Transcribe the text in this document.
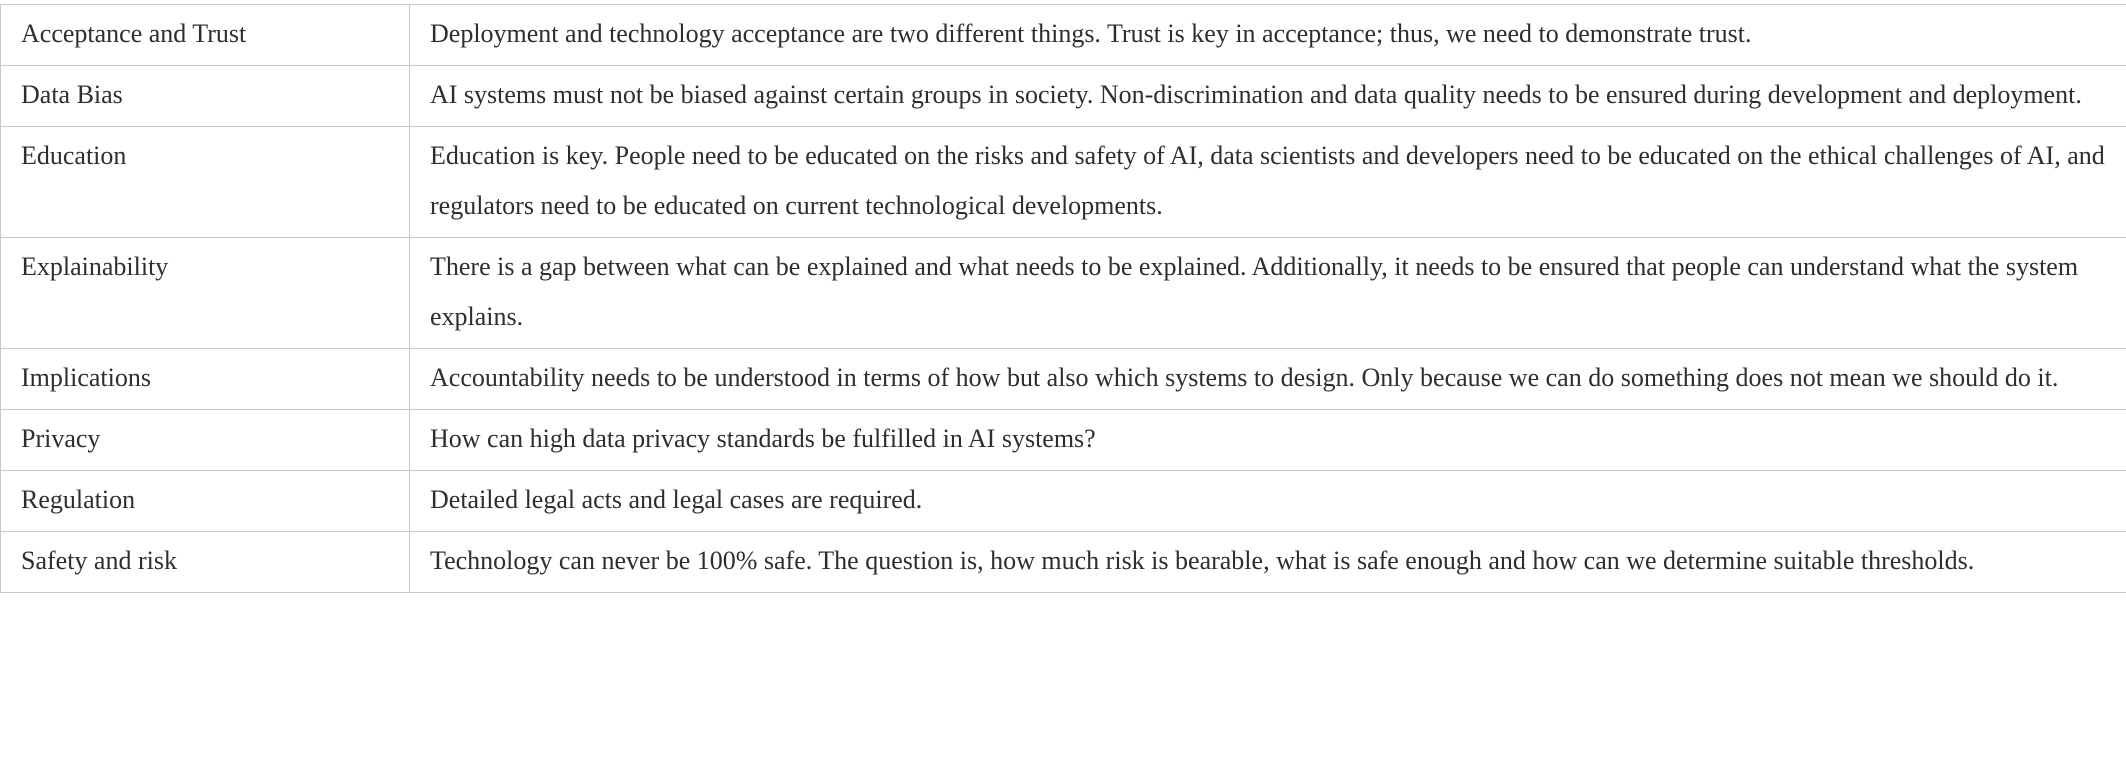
Acceptance and Trust	Deployment and technology acceptance are two different things. Trust is key in acceptance; thus, we need to demonstrate trust.
Data Bias	AI systems must not be biased against certain groups in society. Non-discrimination and data quality needs to be ensured during development and deployment.
Education	Education is key. People need to be educated on the risks and safety of AI, data scientists and developers need to be educated on the ethical challenges of AI, and regulators need to be educated on current technological developments.
Explainability	There is a gap between what can be explained and what needs to be explained. Additionally, it needs to be ensured that people can understand what the system explains.
Implications	Accountability needs to be understood in terms of how but also which systems to design. Only because we can do something does not mean we should do it.
Privacy	How can high data privacy standards be fulfilled in AI systems?
Regulation	Detailed legal acts and legal cases are required.
Safety and risk	Technology can never be 100% safe. The question is, how much risk is bearable, what is safe enough and how can we determine suitable thresholds.
